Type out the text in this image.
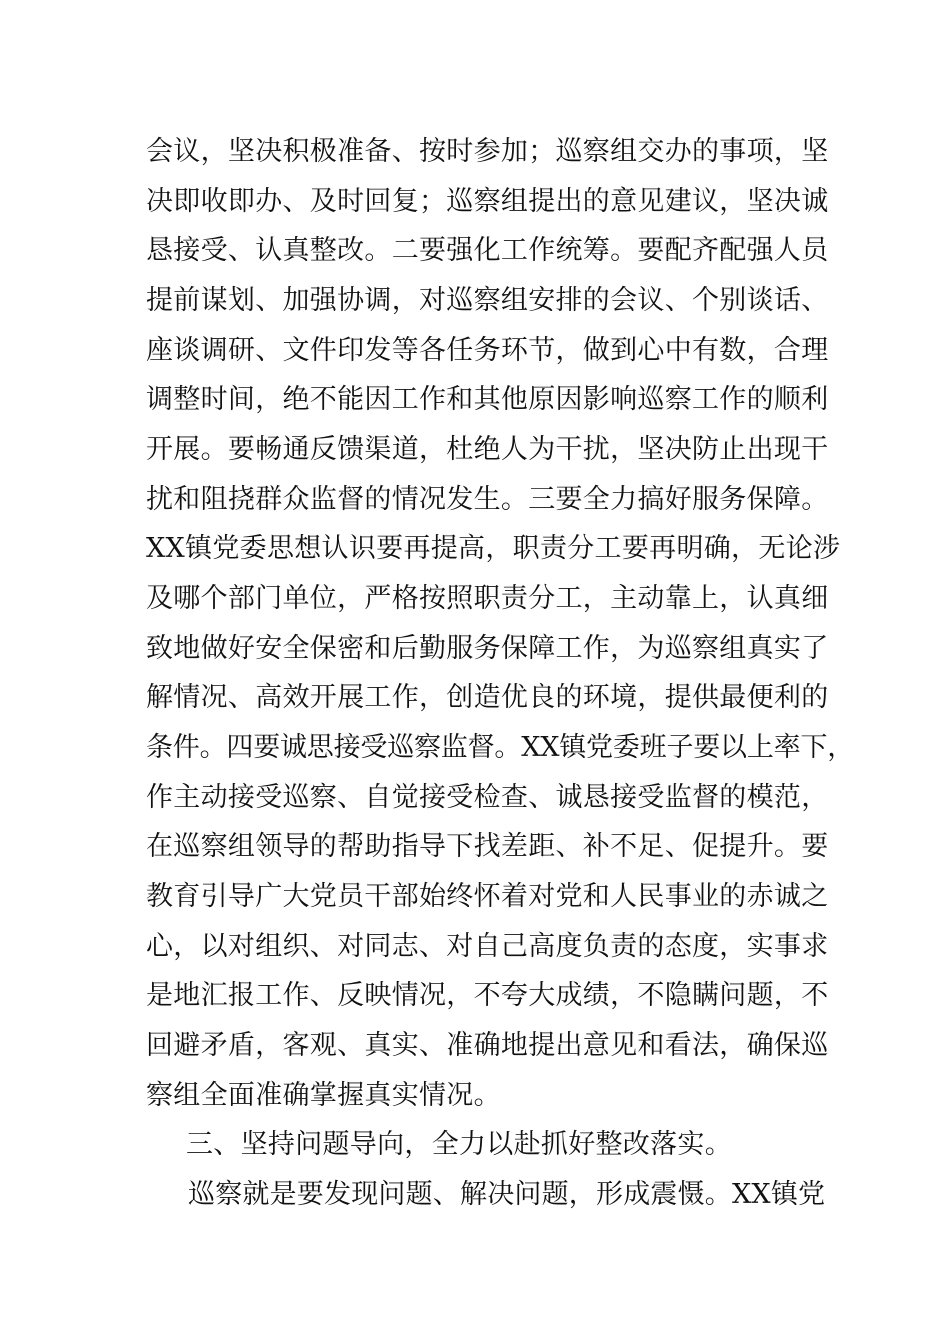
会议，坚决积极准备、按时参加；巡察组交办的事项，坚
决即收即办、及时回复；巡察组提出的意见建议，坚决诚
恳接受、认真整改。二要强化工作统筹。要配齐配强人员
提前谋划、加强协调，对巡察组安排的会议、个别谈话、
座谈调研、文件印发等各任务环节，做到心中有数，合理
调整时间，绝不能因工作和其他原因影响巡察工作的顺利
开展。要畅通反馈渠道，杜绝人为干扰，坚决防止出现干
扰和阻挠群众监督的情况发生。三要全力搞好服务保障。
XX镇党委思想认识要再提高，职责分工要再明确，无论涉
及哪个部门单位，严格按照职责分工，主动靠上，认真细
致地做好安全保密和后勤服务保障工作，为巡察组真实了
解情况、高效开展工作，创造优良的环境，提供最便利的
条件。四要诚思接受巡察监督。XX镇党委班子要以上率下，
作主动接受巡察、自觉接受检查、诚恳接受监督的模范，
在巡察组领导的帮助指导下找差距、补不足、促提升。要
教育引导广大党员干部始终怀着对党和人民事业的赤诚之
心，以对组织、对同志、对自己高度负责的态度，实事求
是地汇报工作、反映情况，不夸大成绩，不隐瞒问题，不
回避矛盾，客观、真实、准确地提出意见和看法，确保巡
察组全面准确掌握真实情况。
三、坚持问题导向，全力以赴抓好整改落实。
巡察就是要发现问题、解决问题，形成震慑。XX镇党
